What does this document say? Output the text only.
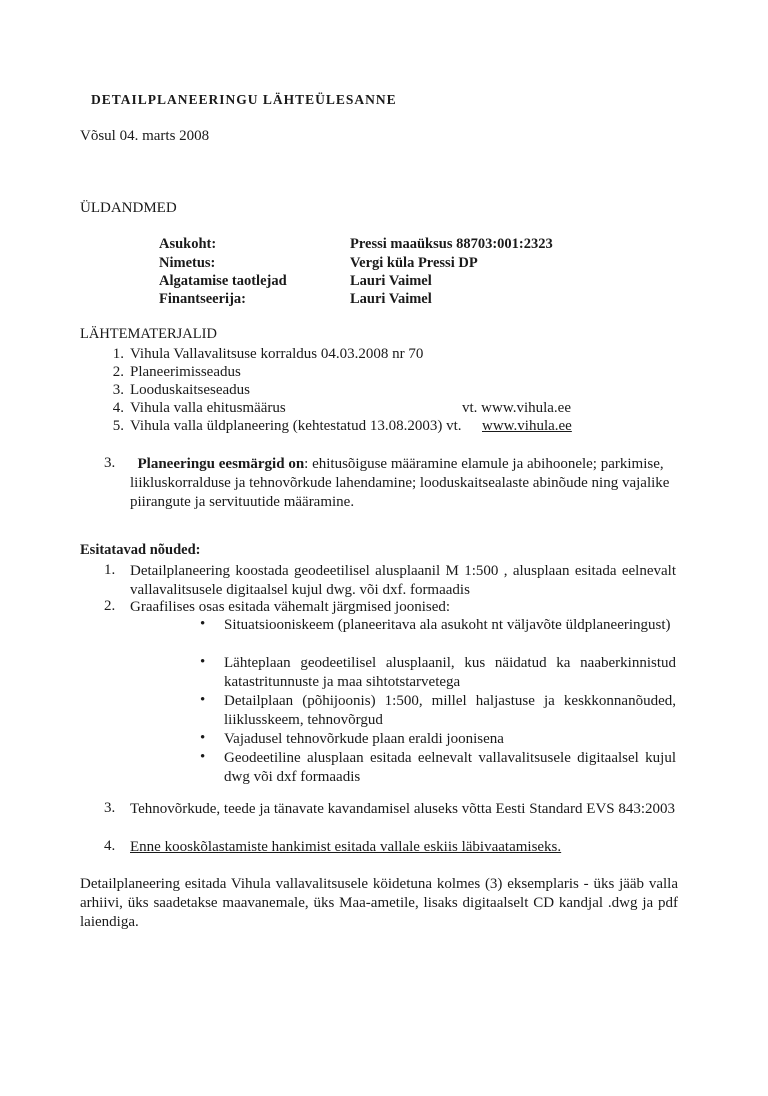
DETAILPLANEERINGU LÄHTEÜLESANNE
Võsul 04. marts 2008
ÜLDANDMED
Asukoht:	Pressi maaüksus 88703:001:2323
Nimetus:	Vergi küla Pressi DP
Algatamise taotlejad	Lauri Vaimel
Finantseerija:	Lauri Vaimel
LÄHTEMATERJALID
1. Vihula Vallavalitsuse korraldus 04.03.2008 nr 70
2. Planeerimisseadus
3. Looduskaitseseadus
4. Vihula valla ehitusmäärus	vt. www.vihula.ee
5. Vihula valla üldplaneering (kehtestatud 13.08.2003) vt. www.vihula.ee
3.	Planeeringu eesmärgid on: ehitusõiguse määramine elamule ja abihoonele; parkimise, liikluskorralduse ja tehnovõrkude lahendamine; looduskaitsealaste abinõude ning vajalike piirangute ja servituutide määramine.
Esitatavad nõuded:
1. Detailplaneering koostada geodeetilisel alusplaanil M 1:500 , alusplaan esitada eelnevalt vallavalitsusele digitaalsel kujul dwg. või dxf. formaadis
2. Graafilises osas esitada vähemalt järgmised joonised:
• Situatsiooniskeem (planeeritava ala asukoht nt väljavõte üldplaneeringust)
• Lähteplaan geodeetilisel alusplaanil, kus näidatud ka naaberkinnistud katastritunnuste ja maa sihtotstarvetega
• Detailplaan (põhijoonis) 1:500, millel haljastuse ja keskkonnanõuded, liiklusskeem, tehnovõrgud
• Vajadusel tehnovõrkude plaan eraldi joonisena
• Geodeetiline alusplaan esitada eelnevalt vallavalitsusele digitaalsel kujul dwg või dxf formaadis
3. Tehnovõrkude, teede ja tänavate kavandamisel aluseks võtta Eesti Standard EVS 843:2003
4. Enne kooskõlastamiste hankimist esitada vallale eskiis läbivaatamiseks.
Detailplaneering esitada Vihula vallavalitsusele köidetuna kolmes (3) eksemplaris - üks jääb valla arhiivi, üks saadetakse maavanemale, üks Maa-ametile, lisaks digitaalselt CD kandjal .dwg ja pdf laiendiga.
